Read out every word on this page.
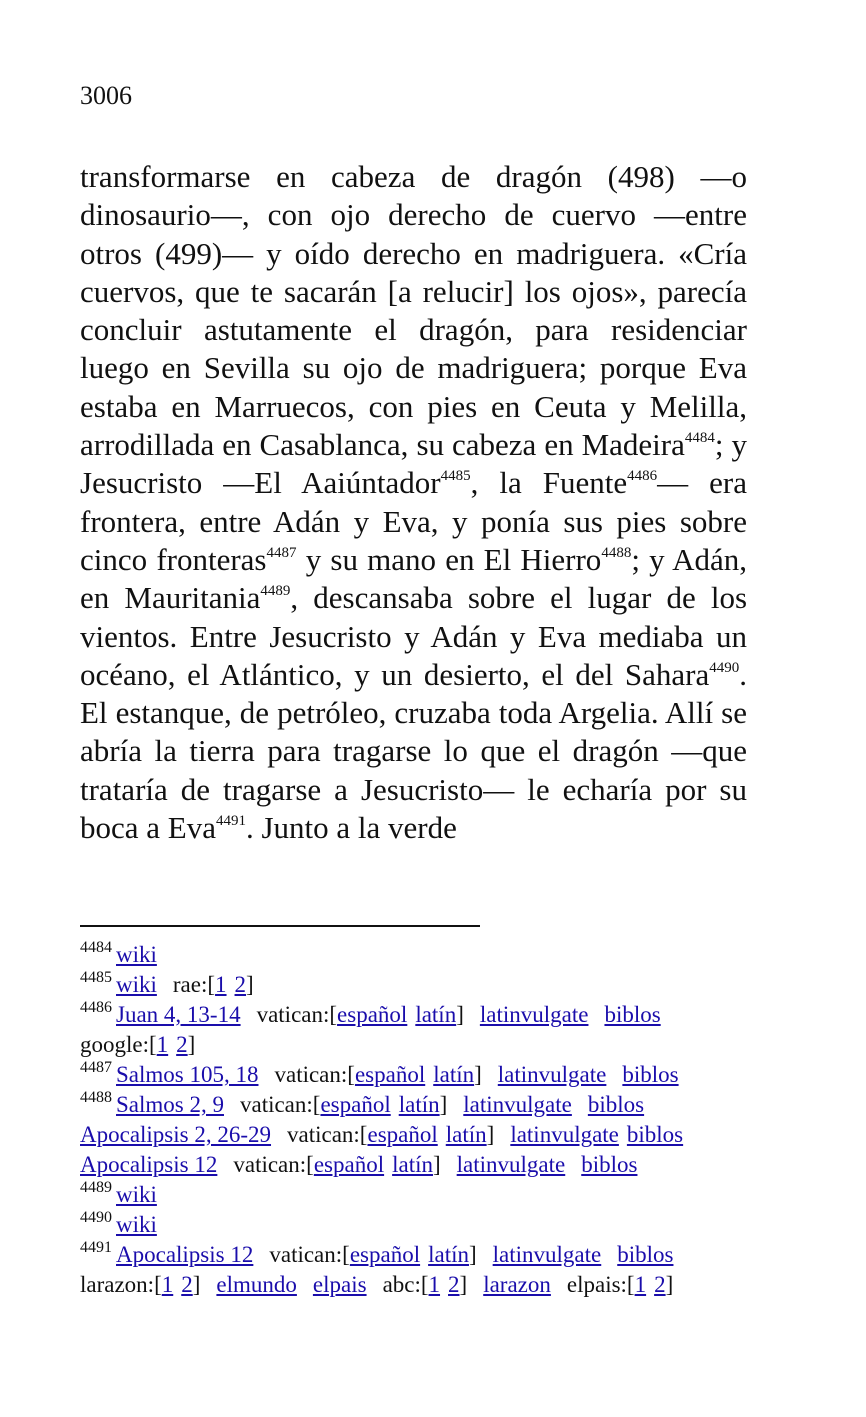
3006
transformarse en cabeza de dragón (498) —o dinosaurio—, con ojo derecho de cuervo —entre otros (499)— y oído derecho en madriguera. «Cría cuervos, que te sacarán [a relucir] los ojos», parecía concluir astutamente el dragón, para residenciar luego en Sevilla su ojo de madriguera; porque Eva estaba en Marruecos, con pies en Ceuta y Melilla, arrodillada en Casablanca, su cabeza en Madeira$^{4484}$; y Jesucristo —El Aaiúntador$^{4485}$, la Fuente$^{4486}$— era frontera, entre Adán y Eva, y ponía sus pies sobre cinco fronteras$^{4487}$ y su mano en El Hierro$^{4488}$; y Adán, en Mauritania$^{4489}$, descansaba sobre el lugar de los vientos. Entre Jesucristo y Adán y Eva mediaba un océano, el Atlántico, y un desierto, el del Sahara$^{4490}$. El estanque, de petróleo, cruzaba toda Argelia. Allí se abría la tierra para tragarse lo que el dragón —que trataría de tragarse a Jesucristo— le echaría por su boca a Eva$^{4491}$. Junto a la verde
$^{4484}$ wiki
$^{4485}$ wiki rae:[1 2]
$^{4486}$ Juan 4, 13-14 vatican:[español latín] latinvulgate biblos
google:[1 2]
$^{4487}$ Salmos 105, 18 vatican:[español latín] latinvulgate biblos
$^{4488}$ Salmos 2, 9 vatican:[español latín] latinvulgate biblos
Apocalipsis 2, 26-29 vatican:[español latín] latinvulgate biblos
Apocalipsis 12 vatican:[español latín] latinvulgate biblos
$^{4489}$ wiki
$^{4490}$ wiki
$^{4491}$ Apocalipsis 12 vatican:[español latín] latinvulgate biblos
larazon:[1 2] elmundo elpais abc:[1 2] larazon elpais:[1 2]
